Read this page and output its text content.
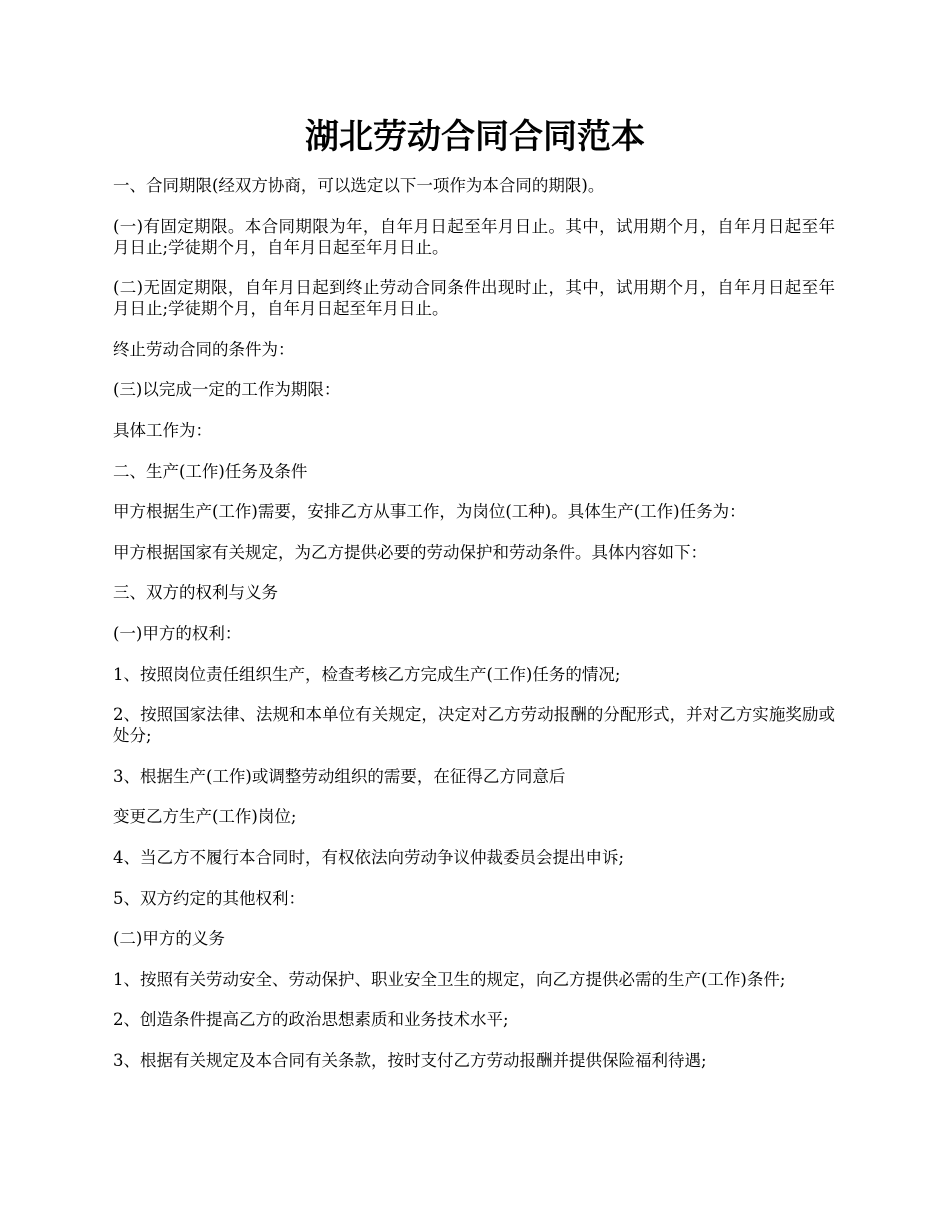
湖北劳动合同合同范本

一、合同期限(经双方协商，可以选定以下一项作为本合同的期限)。

(一)有固定期限。本合同期限为年，自年月日起至年月日止。其中，试用期个月，自年月日起至年月日止;学徒期个月，自年月日起至年月日止。

(二)无固定期限，自年月日起到终止劳动合同条件出现时止，其中，试用期个月，自年月日起至年月日止;学徒期个月，自年月日起至年月日止。

终止劳动合同的条件为：

(三)以完成一定的工作为期限：

具体工作为：

二、生产(工作)任务及条件

甲方根据生产(工作)需要，安排乙方从事工作，为岗位(工种)。具体生产(工作)任务为：

甲方根据国家有关规定，为乙方提供必要的劳动保护和劳动条件。具体内容如下：

三、双方的权利与义务

(一)甲方的权利：

1、按照岗位责任组织生产，检查考核乙方完成生产(工作)任务的情况;

2、按照国家法律、法规和本单位有关规定，决定对乙方劳动报酬的分配形式，并对乙方实施奖励或处分;

3、根据生产(工作)或调整劳动组织的需要，在征得乙方同意后

变更乙方生产(工作)岗位;

4、当乙方不履行本合同时，有权依法向劳动争议仲裁委员会提出申诉;

5、双方约定的其他权利：

(二)甲方的义务

1、按照有关劳动安全、劳动保护、职业安全卫生的规定，向乙方提供必需的生产(工作)条件;

2、创造条件提高乙方的政治思想素质和业务技术水平;

3、根据有关规定及本合同有关条款，按时支付乙方劳动报酬并提供保险福利待遇;
